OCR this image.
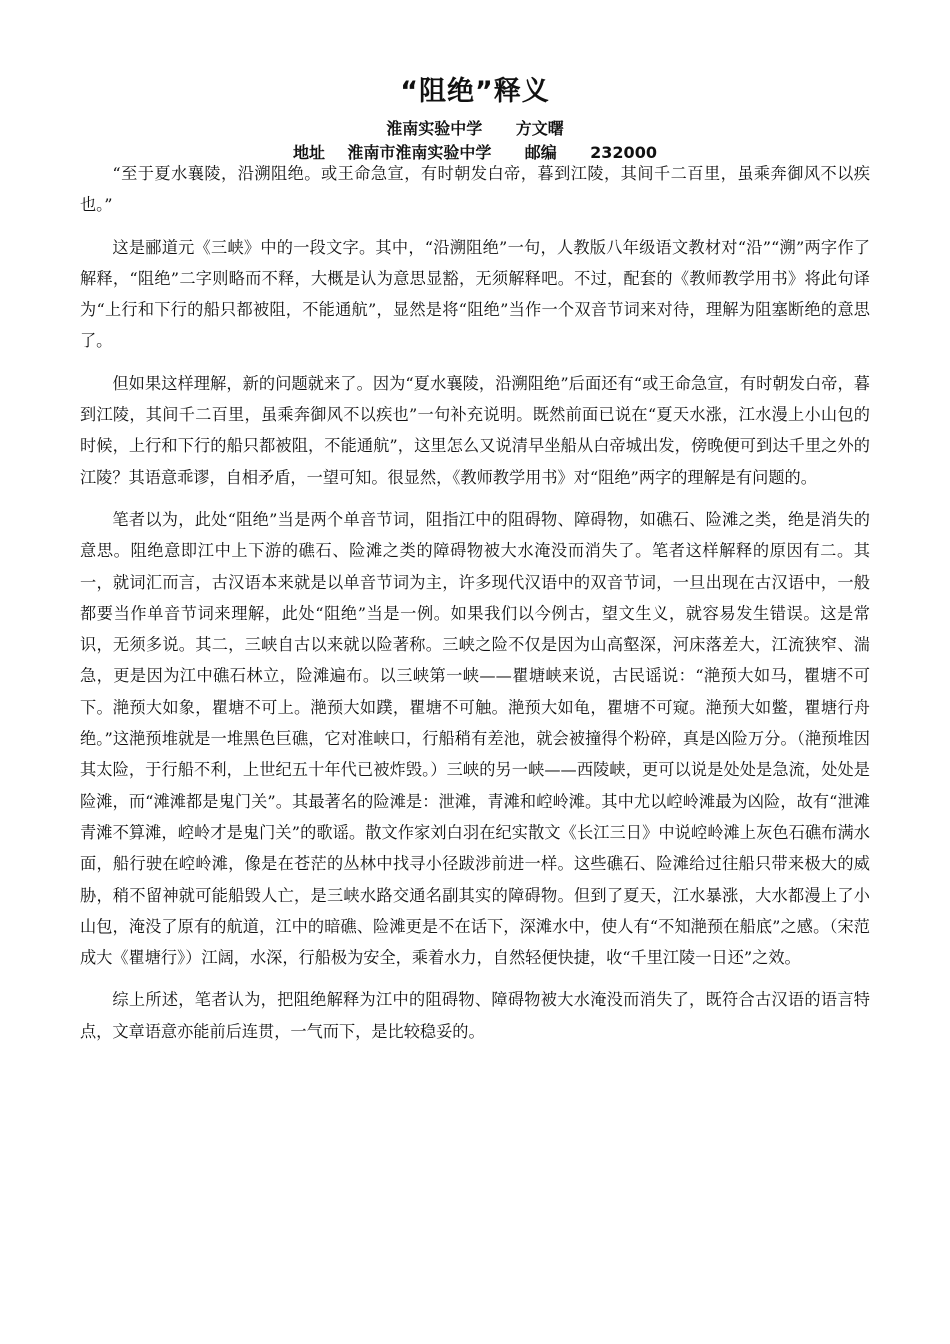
“阻绝”释义
淮南实验中学      方文曙
地址    淮南市淮南实验中学      邮编      232000

“至于夏水襄陵，沿溯阻绝。或王命急宣，有时朝发白帝，暮到江陵，其间千二百里，虽乘奔御风不以疾也。”

这是郦道元《三峡》中的一段文字。其中，“沿溯阻绝”一句，人教版八年级语文教材对“沿”“溯”两字作了解释，“阻绝”二字则略而不释，大概是认为意思显豁，无须解释吧。不过，配套的《教师教学用书》将此句译为“上行和下行的船只都被阻，不能通航”，显然是将“阻绝”当作一个双音节词来对待，理解为阻塞断绝的意思了。

但如果这样理解，新的问题就来了。因为“夏水襄陵，沿溯阻绝”后面还有“或王命急宣，有时朝发白帝，暮到江陵，其间千二百里，虽乘奔御风不以疾也”一句补充说明。既然前面已说在“夏天水涨，江水漫上小山包的时候，上行和下行的船只都被阻，不能通航”，这里怎么又说清早坐船从白帝城出发，傍晚便可到达千里之外的江陵？其语意乖谬，自相矛盾，一望可知。很显然，《教师教学用书》对“阻绝”两字的理解是有问题的。

笔者以为，此处“阻绝”当是两个单音节词，阻指江中的阻碍物、障碍物，如礁石、险滩之类，绝是消失的意思。阻绝意即江中上下游的礁石、险滩之类的障碍物被大水淹没而消失了。笔者这样解释的原因有二。其一，就词汇而言，古汉语本来就是以单音节词为主，许多现代汉语中的双音节词，一旦出现在古汉语中，一般都要当作单音节词来理解，此处“阻绝”当是一例。如果我们以今例古，望文生义，就容易发生错误。这是常识，无须多说。其二，三峡自古以来就以险著称。三峡之险不仅是因为山高壑深，河床落差大，江流狭窄、湍急，更是因为江中礁石林立，险滩遍布。以三峡第一峡——瞿塘峡来说，古民谣说：“滟预大如马，瞿塘不可下。滟预大如象，瞿塘不可上。滟预大如蹼，瞿塘不可触。滟预大如龟，瞿塘不可窥。滟预大如鳖，瞿塘行舟绝。”这滟预堆就是一堆黑色巨礁，它对准峡口，行船稍有差池，就会被撞得个粉碎，真是凶险万分。（滟预堆因其太险，于行船不利，上世纪五十年代已被炸毁。）三峡的另一峡——西陵峡，更可以说是处处是急流，处处是险滩，而“滩滩都是鬼门关”。其最著名的险滩是：泄滩，青滩和崆岭滩。其中尤以崆岭滩最为凶险，故有“泄滩青滩不算滩，崆岭才是鬼门关”的歌谣。散文作家刘白羽在纪实散文《长江三日》中说崆岭滩上灰色石礁布满水面，船行驶在崆岭滩，像是在苍茫的丛林中找寻小径跋涉前进一样。这些礁石、险滩给过往船只带来极大的威胁，稍不留神就可能船毁人亡，是三峡水路交通名副其实的障碍物。但到了夏天，江水暴涨，大水都漫上了小山包，淹没了原有的航道，江中的暗礁、险滩更是不在话下，深滩水中，使人有“不知滟预在船底”之感。（宋范成大《瞿塘行》）江阔，水深，行船极为安全，乘着水力，自然轻便快捷，收“千里江陵一日还”之效。

综上所述，笔者认为，把阻绝解释为江中的阻碍物、障碍物被大水淹没而消失了，既符合古汉语的语言特点，文章语意亦能前后连贯，一气而下，是比较稳妥的。
